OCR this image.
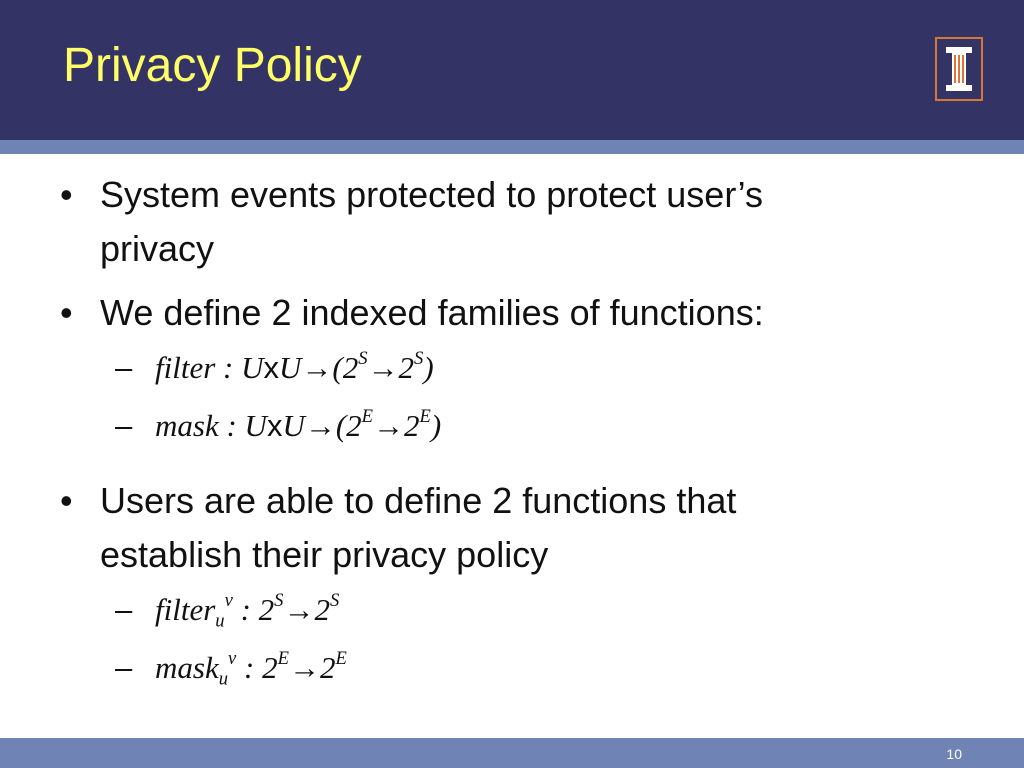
Privacy Policy
• System events protected to protect user’s
privacy
• We define 2 indexed families of functions:
– filter : $UxU\to(2^S\to 2^S)$
– mask : $UxU\to(2^E\to 2^E)$
• Users are able to define 2 functions that
establish their privacy policy
– filter$_u^v$ : $2^S\to 2^S$
– mask$_u^v$ : $2^E\to 2^E$
10
